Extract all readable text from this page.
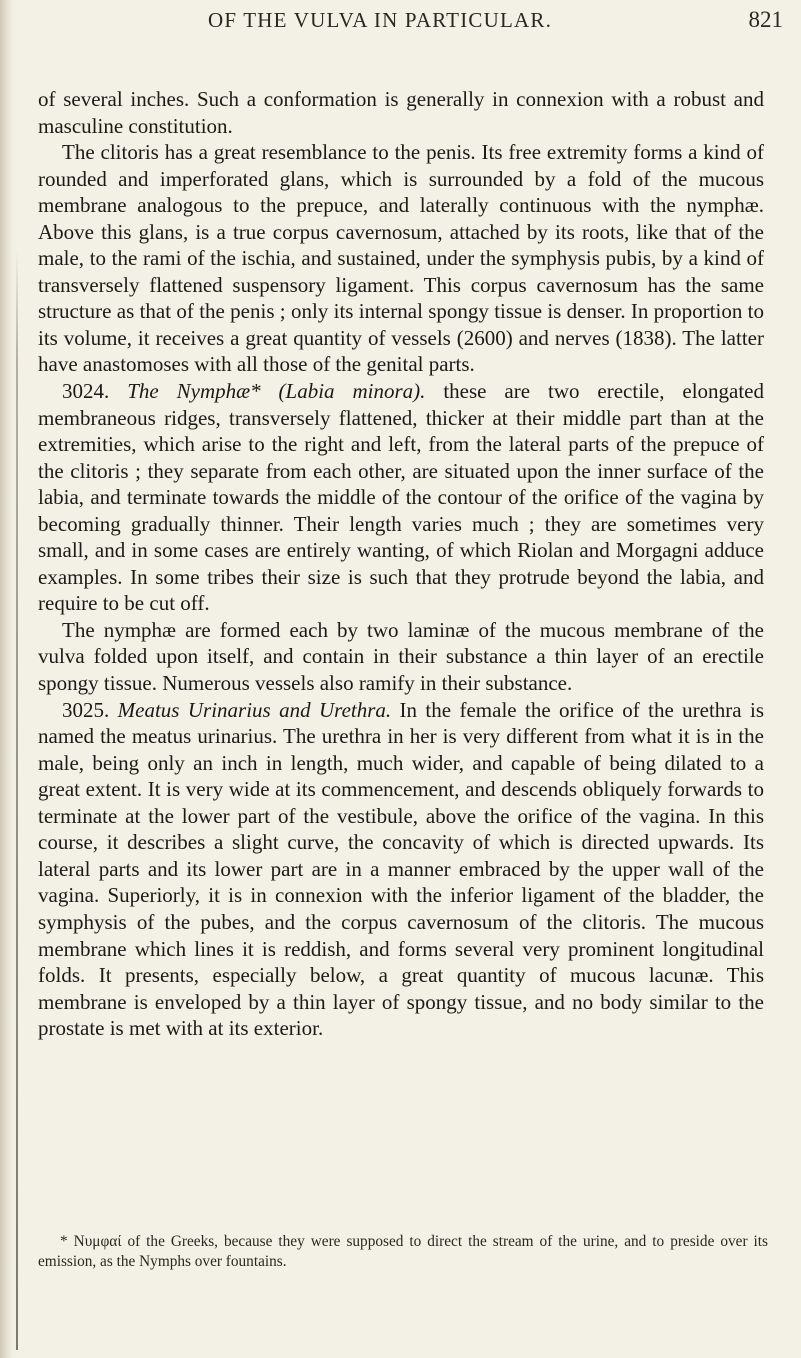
OF THE VULVA IN PARTICULAR.	821

of several inches. Such a conformation is generally in connexion with a robust and masculine constitution.

The clitoris has a great resemblance to the penis. Its free extremity forms a kind of rounded and imperforated glans, which is surrounded by a fold of the mucous membrane analogous to the prepuce, and laterally continuous with the nymphæ. Above this glans, is a true corpus cavernosum, attached by its roots, like that of the male, to the rami of the ischia, and sustained, under the symphysis pubis, by a kind of transversely flattened suspensory ligament. This corpus cavernosum has the same structure as that of the penis ; only its internal spongy tissue is denser. In proportion to its volume, it receives a great quantity of vessels (2600) and nerves (1838). The latter have anastomoses with all those of the genital parts.

3024. The Nymphæ* (Labia minora). these are two erectile, elongated membraneous ridges, transversely flattened, thicker at their middle part than at the extremities, which arise to the right and left, from the lateral parts of the prepuce of the clitoris ; they separate from each other, are situated upon the inner surface of the labia, and terminate towards the middle of the contour of the orifice of the vagina by becoming gradually thinner. Their length varies much ; they are sometimes very small, and in some cases are entirely wanting, of which Riolan and Morgagni adduce examples. In some tribes their size is such that they protrude beyond the labia, and require to be cut off.

The nymphæ are formed each by two laminæ of the mucous membrane of the vulva folded upon itself, and contain in their substance a thin layer of an erectile spongy tissue. Numerous vessels also ramify in their substance.

3025. Meatus Urinarius and Urethra. In the female the orifice of the urethra is named the meatus urinarius. The urethra in her is very different from what it is in the male, being only an inch in length, much wider, and capable of being dilated to a great extent. It is very wide at its commencement, and descends obliquely forwards to terminate at the lower part of the vestibule, above the orifice of the vagina. In this course, it describes a slight curve, the concavity of which is directed upwards. Its lateral parts and its lower part are in a manner embraced by the upper wall of the vagina. Superiorly, it is in connexion with the inferior ligament of the bladder, the symphysis of the pubes, and the corpus cavernosum of the clitoris. The mucous membrane which lines it is reddish, and forms several very prominent longitudinal folds. It presents, especially below, a great quantity of mucous lacunæ. This membrane is enveloped by a thin layer of spongy tissue, and no body similar to the prostate is met with at its exterior.

* Νυμφαί of the Greeks, because they were supposed to direct the stream of the urine, and to preside over its emission, as the Nymphs over fountains.
